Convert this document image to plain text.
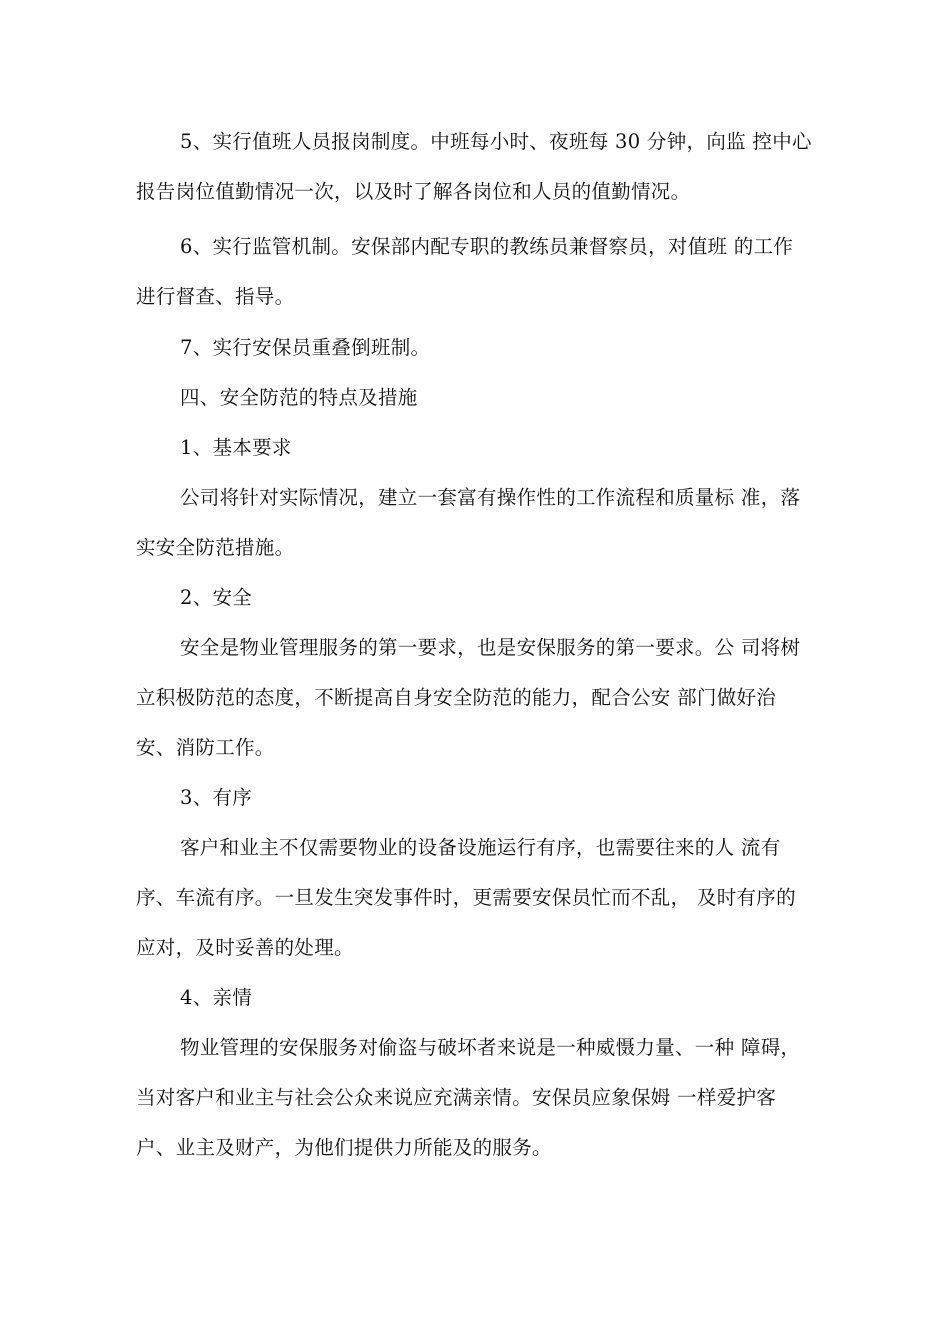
5、实行值班人员报岗制度。中班每小时、夜班每 30 分钟，向监 控中心
报告岗位值勤情况一次，以及时了解各岗位和人员的值勤情况。

6、实行监管机制。安保部内配专职的教练员兼督察员，对值班 的工作
进行督查、指导。

7、实行安保员重叠倒班制。

四、安全防范的特点及措施

1、基本要求

公司将针对实际情况，建立一套富有操作性的工作流程和质量标 准，落
实安全防范措施。

2、安全

安全是物业管理服务的第一要求，也是安保服务的第一要求。公 司将树
立积极防范的态度，不断提高自身安全防范的能力，配合公安 部门做好治
安、消防工作。

3、有序

客户和业主不仅需要物业的设备设施运行有序，也需要往来的人 流有
序、车流有序。一旦发生突发事件时，更需要安保员忙而不乱， 及时有序的
应对，及时妥善的处理。

4、亲情

物业管理的安保服务对偷盗与破坏者来说是一种威慑力量、一种 障碍，
当对客户和业主与社会公众来说应充满亲情。安保员应象保姆 一样爱护客
户、业主及财产，为他们提供力所能及的服务。
